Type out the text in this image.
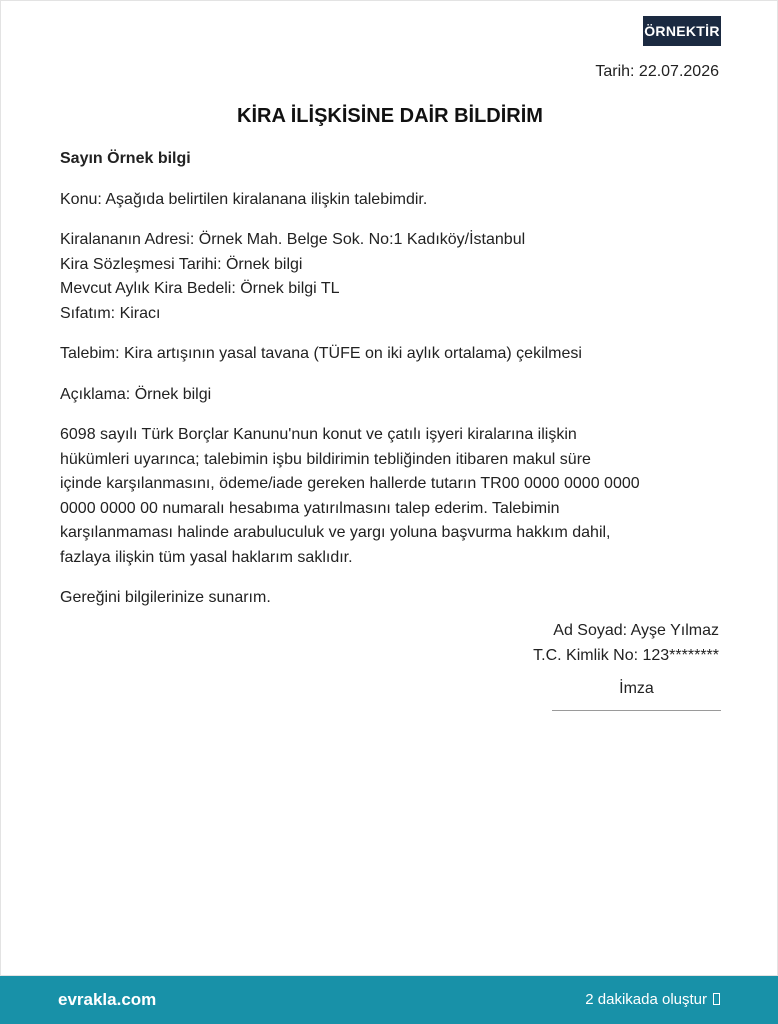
ÖRNEKTİR
Tarih: 22.07.2026
KİRA İLİŞKİSİNE DAİR BİLDİRİM

Sayın Örnek bilgi

Konu: Aşağıda belirtilen kiralanana ilişkin talebimdir.

Kiralananın Adresi: Örnek Mah. Belge Sok. No:1 Kadıköy/İstanbul

Kira Sözleşmesi Tarihi: Örnek bilgi

Mevcut Aylık Kira Bedeli: Örnek bilgi TL

Sıfatım: Kiracı

Talebim: Kira artışının yasal tavana (TÜFE on iki aylık ortalama) çekilmesi

Açıklama: Örnek bilgi

6098 sayılı Türk Borçlar Kanunu'nun konut ve çatılı işyeri kiralarına ilişkin

hükümleri uyarınca; talebimin işbu bildirimin tebliğinden itibaren makul süre

içinde karşılanmasını, ödeme/iade gereken hallerde tutarın TR00 0000 0000 0000

0000 0000 00 numaralı hesabıma yatırılmasını talep ederim. Talebimin

karşılanmaması halinde arabuluculuk ve yargı yoluna başvurma hakkım dahil,

fazlaya ilişkin tüm yasal haklarım saklıdır.

Gereğini bilgilerinize sunarım.

Ad Soyad: Ayşe Yılmaz
T.C. Kimlik No: 123********
İmza
evrakla.com	2 dakikada oluştur
